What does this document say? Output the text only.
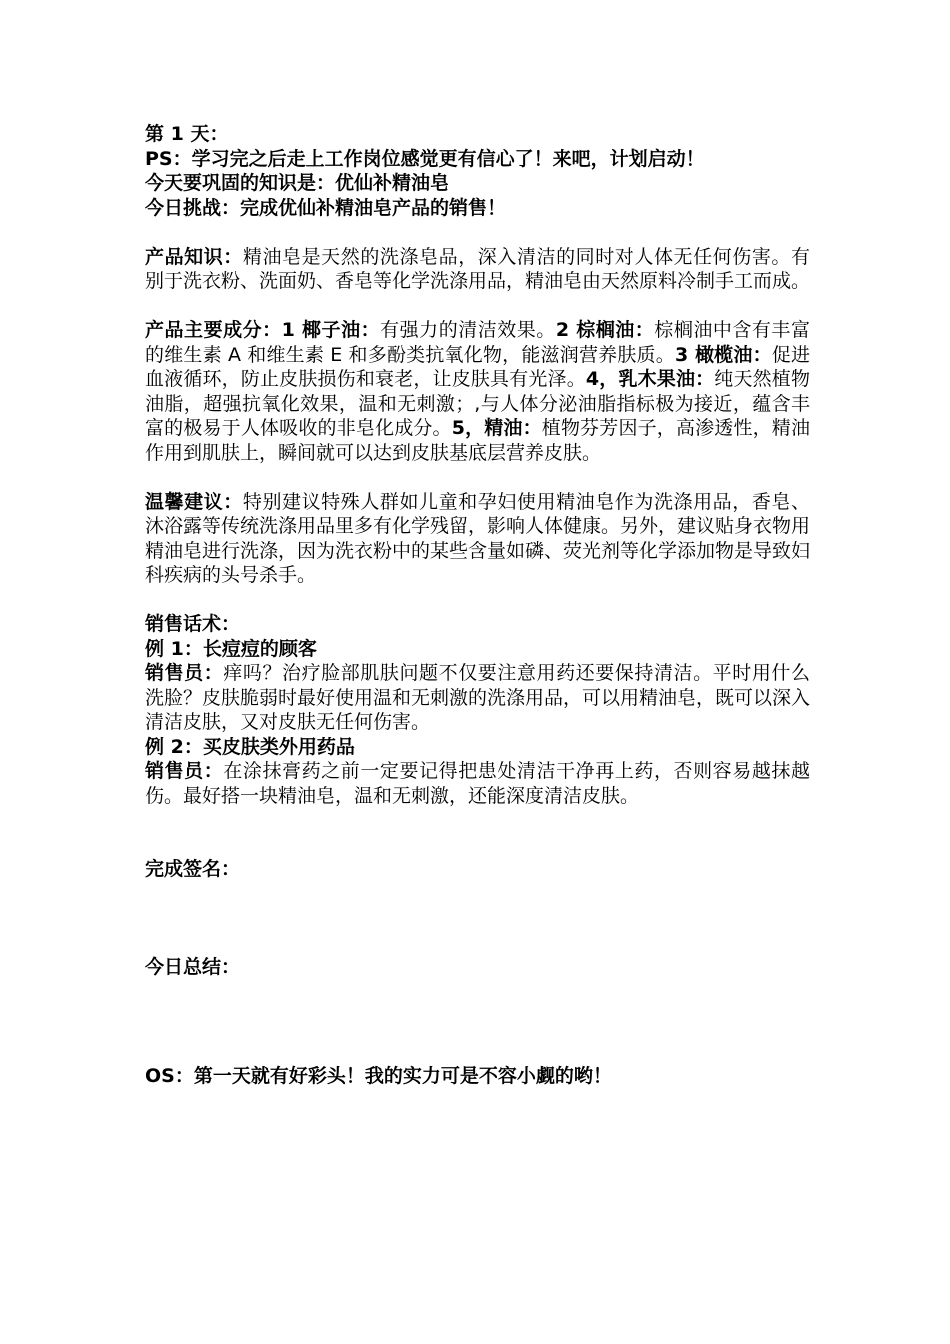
第 1 天：
PS：学习完之后走上工作岗位感觉更有信心了！来吧，计划启动！
今天要巩固的知识是：优仙补精油皂
今日挑战：完成优仙补精油皂产品的销售！
产品知识：精油皂是天然的洗涤皂品，深入清洁的同时对人体无任何伤害。有别于洗衣粉、洗面奶、香皂等化学洗涤用品，精油皂由天然原料冷制手工而成。
产品主要成分：1 椰子油：有强力的清洁效果。2 棕榈油：棕榈油中含有丰富的维生素 A 和维生素 E 和多酚类抗氧化物，能滋润营养肤质。3 橄榄油：促进血液循环，防止皮肤损伤和衰老，让皮肤具有光泽。4，乳木果油：纯天然植物油脂，超强抗氧化效果，温和无刺激；,与人体分泌油脂指标极为接近，蕴含丰富的极易于人体吸收的非皂化成分。5，精油：植物芬芳因子，高渗透性，精油作用到肌肤上，瞬间就可以达到皮肤基底层营养皮肤。
温馨建议：特别建议特殊人群如儿童和孕妇使用精油皂作为洗涤用品，香皂、沐浴露等传统洗涤用品里多有化学残留，影响人体健康。另外，建议贴身衣物用精油皂进行洗涤，因为洗衣粉中的某些含量如磷、荧光剂等化学添加物是导致妇科疾病的头号杀手。
销售话术：
例 1：长痘痘的顾客
销售员：痒吗？治疗脸部肌肤问题不仅要注意用药还要保持清洁。平时用什么洗脸？皮肤脆弱时最好使用温和无刺激的洗涤用品，可以用精油皂，既可以深入清洁皮肤，又对皮肤无任何伤害。
例 2：买皮肤类外用药品
销售员：在涂抹膏药之前一定要记得把患处清洁干净再上药，否则容易越抹越伤。最好搭一块精油皂，温和无刺激，还能深度清洁皮肤。
完成签名：
今日总结：
OS：第一天就有好彩头！我的实力可是不容小觑的哟！
